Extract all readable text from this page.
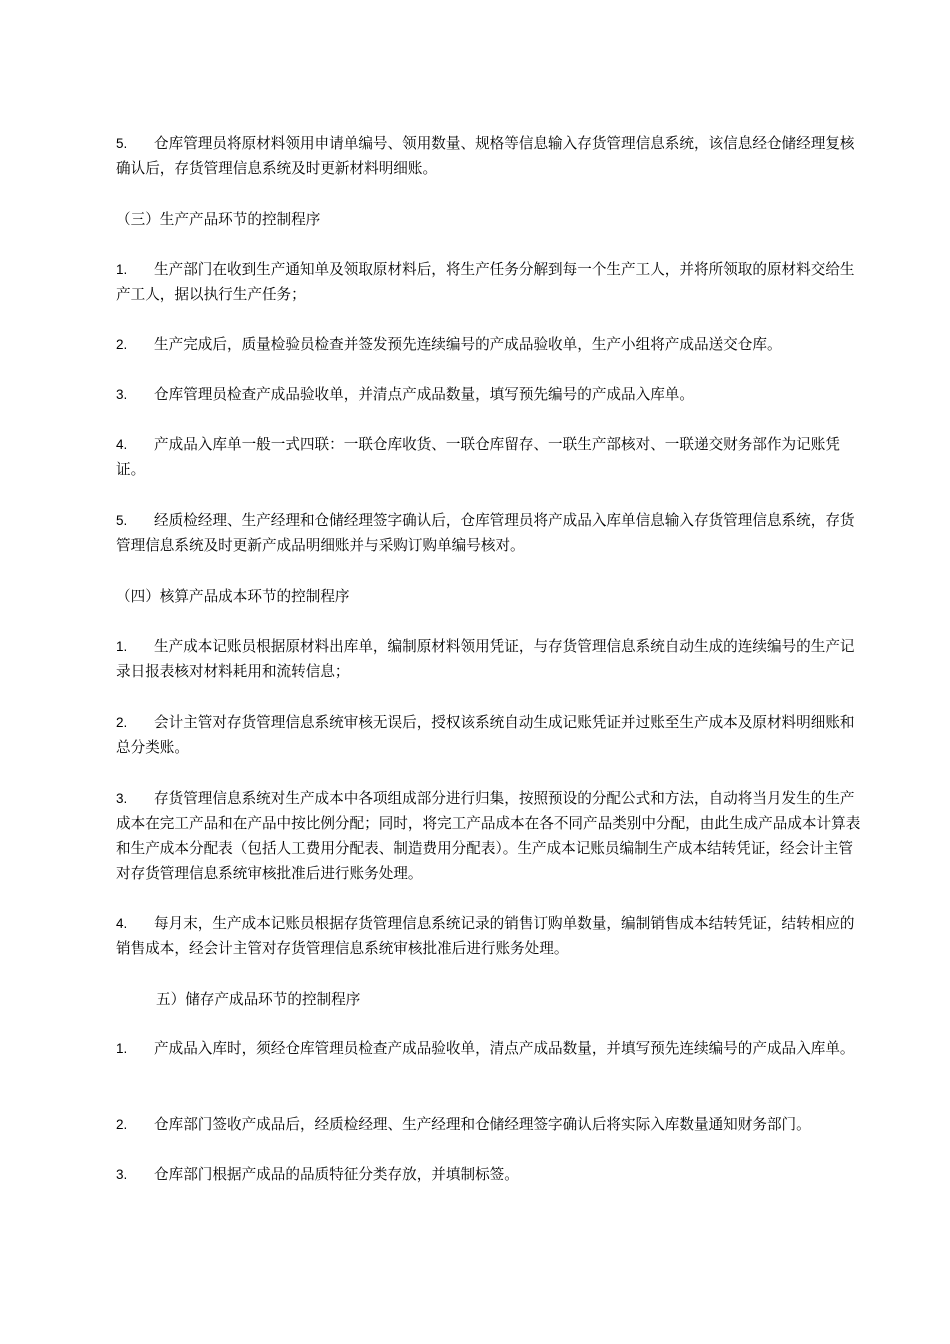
5. 仓库管理员将原材料领用申请单编号、领用数量、规格等信息输入存货管理信息系统，该信息经仓储经理复核确认后，存货管理信息系统及时更新材料明细账。
（三）生产产品环节的控制程序
1. 生产部门在收到生产通知单及领取原材料后，将生产任务分解到每一个生产工人，并将所领取的原材料交给生产工人，据以执行生产任务；
2. 生产完成后，质量检验员检查并签发预先连续编号的产成品验收单，生产小组将产成品送交仓库。
3. 仓库管理员检查产成品验收单，并清点产成品数量，填写预先编号的产成品入库单。
4. 产成品入库单一般一式四联：一联仓库收货、一联仓库留存、一联生产部核对、一联递交财务部作为记账凭证。
5. 经质检经理、生产经理和仓储经理签字确认后，仓库管理员将产成品入库单信息输入存货管理信息系统，存货管理信息系统及时更新产成品明细账并与采购订购单编号核对。
（四）核算产品成本环节的控制程序
1. 生产成本记账员根据原材料出库单，编制原材料领用凭证，与存货管理信息系统自动生成的连续编号的生产记录日报表核对材料耗用和流转信息；
2. 会计主管对存货管理信息系统审核无误后，授权该系统自动生成记账凭证并过账至生产成本及原材料明细账和总分类账。
3. 存货管理信息系统对生产成本中各项组成部分进行归集，按照预设的分配公式和方法，自动将当月发生的生产成本在完工产品和在产品中按比例分配；同时，将完工产品成本在各不同产品类别中分配，由此生成产品成本计算表和生产成本分配表（包括人工费用分配表、制造费用分配表）。生产成本记账员编制生产成本结转凭证，经会计主管对存货管理信息系统审核批准后进行账务处理。
4. 每月末，生产成本记账员根据存货管理信息系统记录的销售订购单数量，编制销售成本结转凭证，结转相应的销售成本，经会计主管对存货管理信息系统审核批准后进行账务处理。
五）储存产成品环节的控制程序
1. 产成品入库时，须经仓库管理员检查产成品验收单，清点产成品数量，并填写预先连续编号的产成品入库单。
2. 仓库部门签收产成品后，经质检经理、生产经理和仓储经理签字确认后将实际入库数量通知财务部门。
3. 仓库部门根据产成品的品质特征分类存放，并填制标签。
